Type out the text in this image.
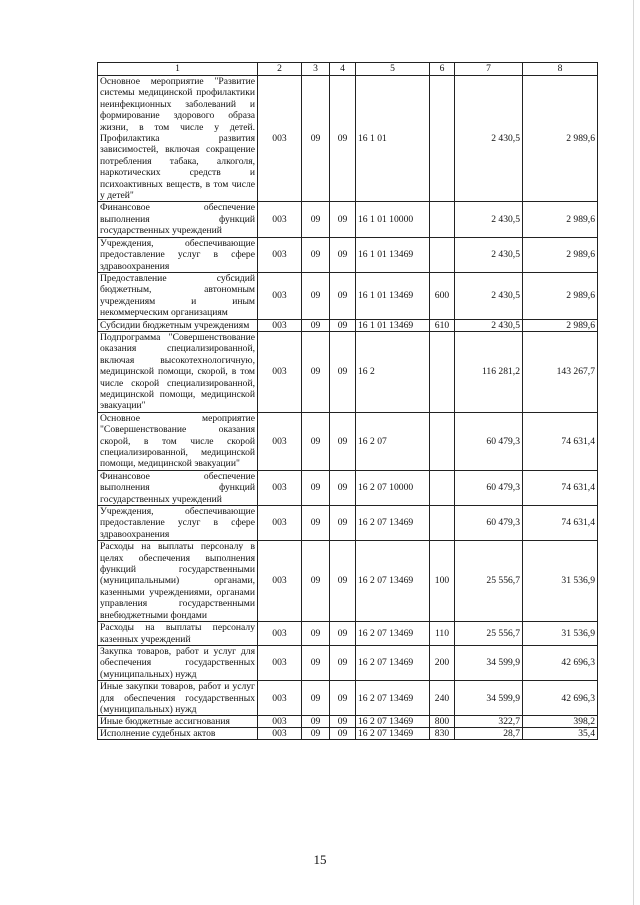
1	2	3	4	5	6	7	8
Основное мероприятие "Развитие системы медицинской профилактики неинфекционных заболеваний и формирование здорового образа жизни, в том числе у детей. Профилактика развития зависимостей, включая сокращение потребления табака, алкоголя, наркотических средств и психоактивных веществ, в том числе у детей"	003	09	09	16 1 01		2 430,5	2 989,6
Финансовое обеспечение выполнения функций государственных учреждений	003	09	09	16 1 01 10000		2 430,5	2 989,6
Учреждения, обеспечивающие предоставление услуг в сфере здравоохранения	003	09	09	16 1 01 13469		2 430,5	2 989,6
Предоставление субсидий бюджетным, автономным учреждениям и иным некоммерческим организациям	003	09	09	16 1 01 13469	600	2 430,5	2 989,6
Субсидии бюджетным учреждениям	003	09	09	16 1 01 13469	610	2 430,5	2 989,6
Подпрограмма "Совершенствование оказания специализированной, включая высокотехнологичную, медицинской помощи, скорой, в том числе скорой специализированной, медицинской помощи, медицинской эвакуации"	003	09	09	16 2		116 281,2	143 267,7
Основное мероприятие "Совершенствование оказания скорой, в том числе скорой специализированной, медицинской помощи, медицинской эвакуации"	003	09	09	16 2 07		60 479,3	74 631,4
Финансовое обеспечение выполнения функций государственных учреждений	003	09	09	16 2 07 10000		60 479,3	74 631,4
Учреждения, обеспечивающие предоставление услуг в сфере здравоохранения	003	09	09	16 2 07 13469		60 479,3	74 631,4
Расходы на выплаты персоналу в целях обеспечения выполнения функций государственными (муниципальными) органами, казенными учреждениями, органами управления государственными внебюджетными фондами	003	09	09	16 2 07 13469	100	25 556,7	31 536,9
Расходы на выплаты персоналу казенных учреждений	003	09	09	16 2 07 13469	110	25 556,7	31 536,9
Закупка товаров, работ и услуг для обеспечения государственных (муниципальных) нужд	003	09	09	16 2 07 13469	200	34 599,9	42 696,3
Иные закупки товаров, работ и услуг для обеспечения государственных (муниципальных) нужд	003	09	09	16 2 07 13469	240	34 599,9	42 696,3
Иные бюджетные ассигнования	003	09	09	16 2 07 13469	800	322,7	398,2
Исполнение судебных актов	003	09	09	16 2 07 13469	830	28,7	35,4
15
